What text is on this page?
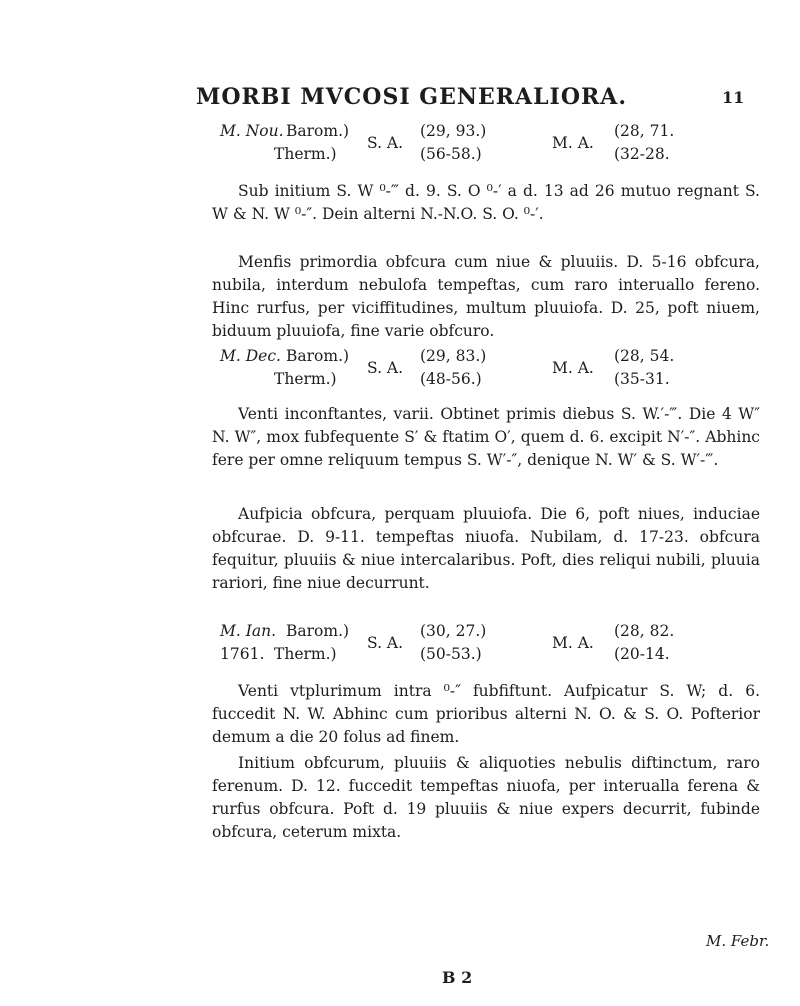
MORBI MVCOSI GENERALIORA.	11
M. Nou. Barom.)
Therm.)
S. A.
(29, 93.)
(56-58.)
M. A.
(28, 71.
(32-28.

Sub initium S. W ⁰-‴ d. 9. S. O ⁰-′ a d. 13 ad 26 mutuo regnant S. W & N. W ⁰-″. Dein alterni N.-N.O. S. O. ⁰-′.

Menfis primordia obfcura cum niue & pluuiis. D. 5-16 obfcura, nubila, interdum nebulofa tempeftas, cum raro interuallo fereno. Hinc rurfus, per viciffitudines, multum pluuiofa. D. 25, poft niuem, biduum pluuiofa, fine varie obfcuro.

M. Dec. Barom.)
Therm.)
S. A.
(29, 83.)
(48-56.)
M. A.
(28, 54.
(35-31.

Venti inconftantes, varii. Obtinet primis diebus S. W.′-‴. Die 4 W″ N. W″, mox fubfequente S′ & ftatim O′, quem d. 6. excipit N′-″. Abhinc fere per omne reliquum tempus S. W′-″, denique N. W′ & S. W′-‴.

Aufpicia obfcura, perquam pluuiofa. Die 6, poft niues, induciae obfcurae. D. 9-11. tempeftas niuofa. Nubilam, d. 17-23. obfcura fequitur, pluuiis & niue intercalaribus. Poft, dies reliqui nubili, pluuia rariori, fine niue decurrunt.

M. Ian.
1761.
Barom.)
Therm.)
S. A.
(30, 27.)
(50-53.)
M. A.
(28, 82.
(20-14.

Venti vtplurimum intra ⁰-″ fubfiftunt. Aufpicatur S. W; d. 6. fuccedit N. W. Abhinc cum prioribus alterni N. O. & S. O. Pofterior demum a die 20 folus ad finem.

Initium obfcurum, pluuiis & aliquoties nebulis diftinctum, raro ferenum. D. 12. fuccedit tempeftas niuofa, per interualla ferena & rurfus obfcura. Poft d. 19 pluuiis & niue expers decurrit, fubinde obfcura, ceterum mixta.

M. Febr.
B 2
